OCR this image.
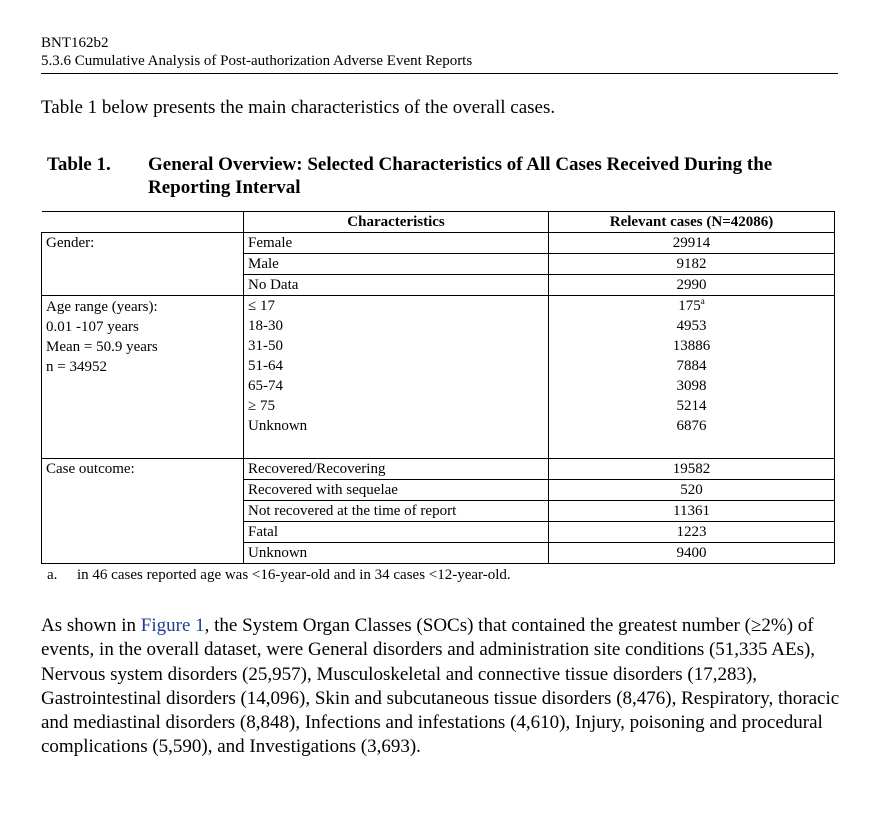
BNT162b2
5.3.6 Cumulative Analysis of Post-authorization Adverse Event Reports
Table 1 below presents the main characteristics of the overall cases.
Table 1. General Overview: Selected Characteristics of All Cases Received During the Reporting Interval
	Characteristics	Relevant cases (N=42086)
Gender:	Female	29914
	Male	9182
	No Data	2990

Age range (years):
0.01 -107 years
Mean = 50.9 years
n = 34952	≤ 17	175$^a$
	18-30	4953
	31-50	13886
	51-64	7884
	65-74	3098
	≥ 75	5214
	Unknown	6876

Case outcome:	Recovered/Recovering	19582
	Recovered with sequelae	520
	Not recovered at the time of report	11361
	Fatal	1223
	Unknown	9400
a. in 46 cases reported age was <16-year-old and in 34 cases <12-year-old.
As shown in Figure 1, the System Organ Classes (SOCs) that contained the greatest number (≥2%) of events, in the overall dataset, were General disorders and administration site conditions (51,335 AEs), Nervous system disorders (25,957), Musculoskeletal and connective tissue disorders (17,283), Gastrointestinal disorders (14,096), Skin and subcutaneous tissue disorders (8,476), Respiratory, thoracic and mediastinal disorders (8,848), Infections and infestations (4,610), Injury, poisoning and procedural complications (5,590), and Investigations (3,693).
